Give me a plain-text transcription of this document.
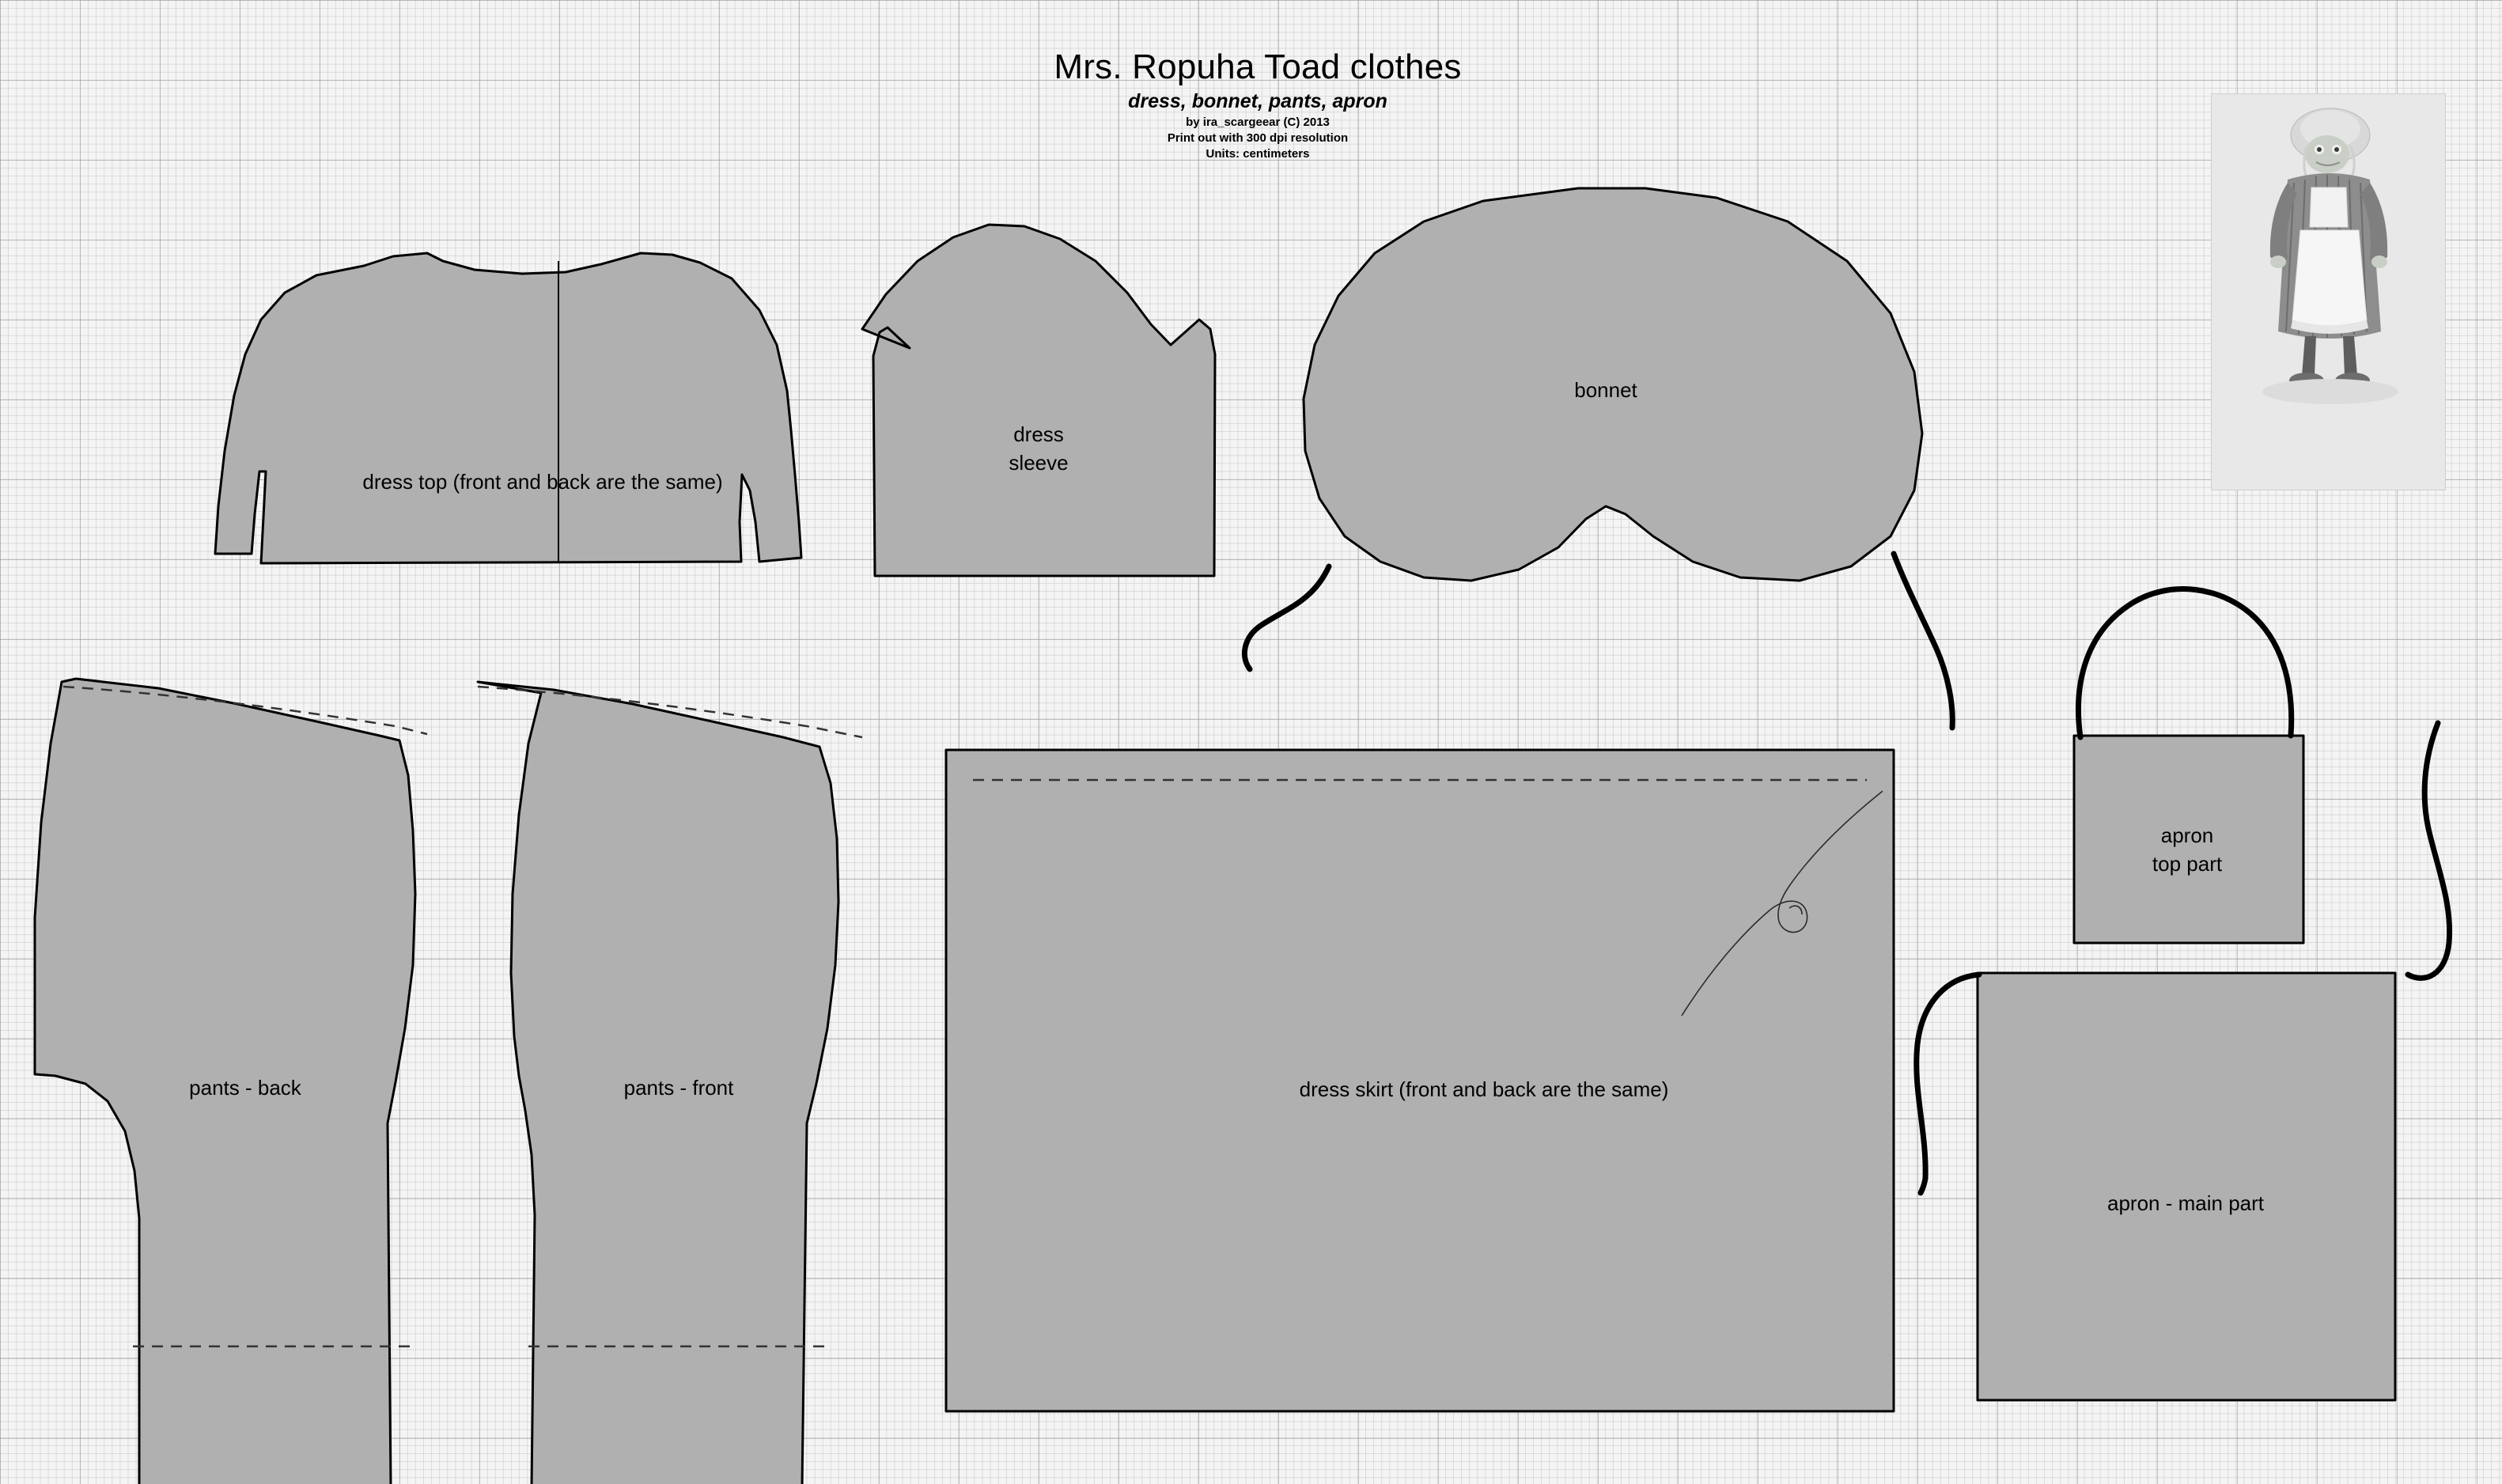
Mrs. Ropuha Toad clothes
dress, bonnet, pants, apron
by ira_scargeear (C) 2013
Print out with 300 dpi resolution
Units: centimeters
dress top (front and back are the same)
dress
sleeve
bonnet
pants - back	pants - front	dress skirt (front and back are the same)
apron
top part
apron - main part
